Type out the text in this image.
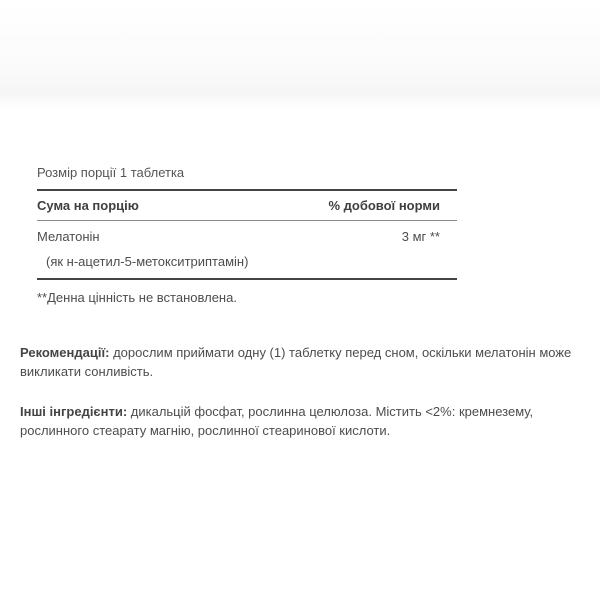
Розмір порції 1 таблетка
Сума на порцію	% добової норми
Мелатонін	3 мг **
(як н-ацетил-5-метокситриптамін)
**Денна цінність не встановлена.
Рекомендації: дорослим приймати одну (1) таблетку перед сном, оскільки мелатонін може викликати сонливість.
Інші інгредієнти: дикальцій фосфат, рослинна целюлоза. Містить <2%: кремнезему, рослинного стеарату магнію, рослинної стеаринової кислоти.
